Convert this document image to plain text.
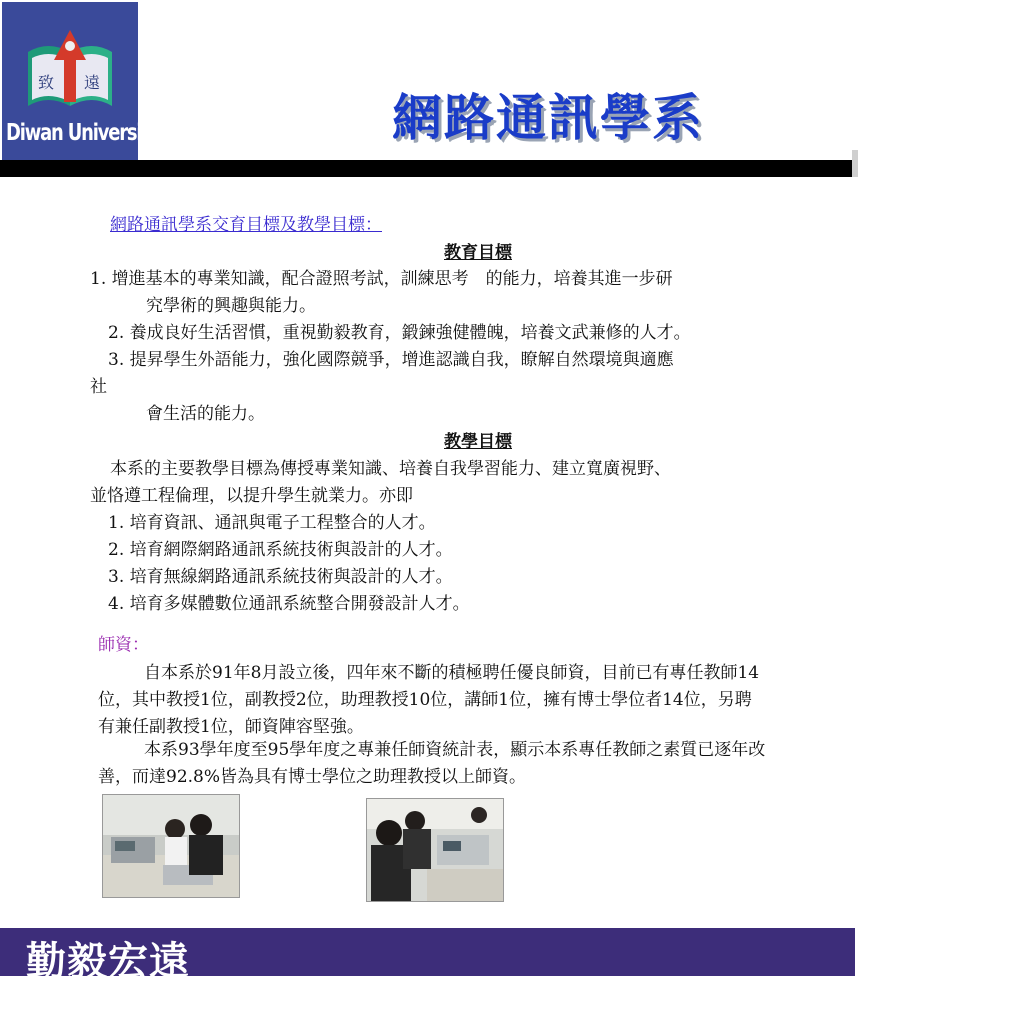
致 遠
Diwan University	網路通訊學系
網路通訊學系交育目標及教學目標：
教育目標
1. 增進基本的專業知識，配合證照考試，訓練思考　的能力，培養其進一步研
究學術的興趣與能力。
2. 養成良好生活習慣，重視勤毅教育，鍛鍊強健體魄，培養文武兼修的人才。
3. 提昇學生外語能力，強化國際競爭，增進認識自我，瞭解自然環境與適應
社
會生活的能力。
教學目標
本系的主要教學目標為傳授專業知識、培養自我學習能力、建立寬廣視野、
並恪遵工程倫理，以提升學生就業力。亦即
1. 培育資訊、通訊與電子工程整合的人才。
2. 培育網際網路通訊系統技術與設計的人才。
3. 培育無線網路通訊系統技術與設計的人才。
4. 培育多媒體數位通訊系統整合開發設計人才。
師資：
自本系於91年8月設立後，四年來不斷的積極聘任優良師資，目前已有專任教師14
位，其中教授1位，副教授2位，助理教授10位，講師1位，擁有博士學位者14位，另聘
有兼任副教授1位，師資陣容堅強。
本系93學年度至95學年度之專兼任師資統計表，顯示本系專任教師之素質已逐年改
善，而達92.8%皆為具有博士學位之助理教授以上師資。
勤毅宏遠
